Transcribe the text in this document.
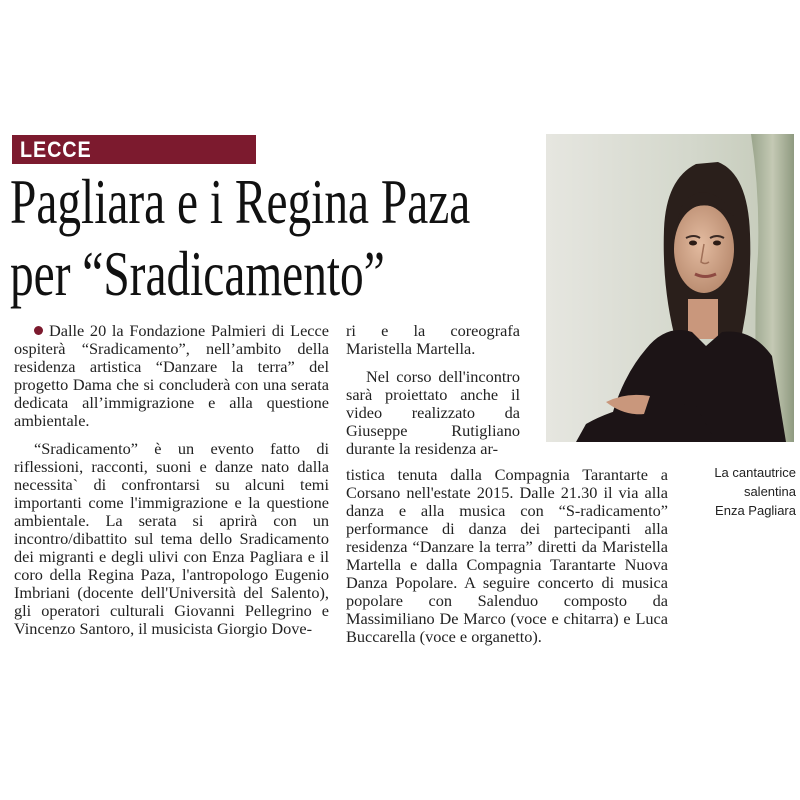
LECCE
Pagliara e i Regina Paza
per “Sradicamento”

Dalle 20 la Fondazione Palmieri di Lecce ospiterà “Sradicamento”, nell’ambito della residenza artistica “Danzare la terra” del progetto Dama che si concluderà con una serata dedicata all’immigrazione e alla questione ambientale.

“Sradicamento” è un evento fatto di riflessioni, racconti, suoni e danze nato dalla necessita` di confrontarsi su alcuni temi importanti come l'immigrazione e la questione ambientale. La serata si aprirà con un incontro/dibattito sul tema dello Sradicamento dei migranti e degli ulivi con Enza Pagliara e il coro della Regina Paza, l'antropologo Eugenio Imbriani (docente dell'Università del Salento), gli operatori culturali Giovanni Pellegrino e Vincenzo Santoro, il musicista Giorgio Dove-

ri e la coreografa Maristella Martella.

Nel corso dell'incontro sarà proiettato anche il video realizzato da Giuseppe Rutigliano durante la residenza ar-

tistica tenuta dalla Compagnia Tarantarte a Corsano nell'estate 2015. Dalle 21.30 il via alla danza e alla musica con “S-radicamento” performance di danza dei partecipanti alla residenza “Danzare la terra” diretti da Maristella Martella e dalla Compagnia Tarantarte Nuova Danza Popolare. A seguire concerto di musica popolare con Salenduo composto da Massimiliano De Marco (voce e chitarra) e Luca Buccarella (voce e organetto).

La cantautrice
salentina
Enza Pagliara
